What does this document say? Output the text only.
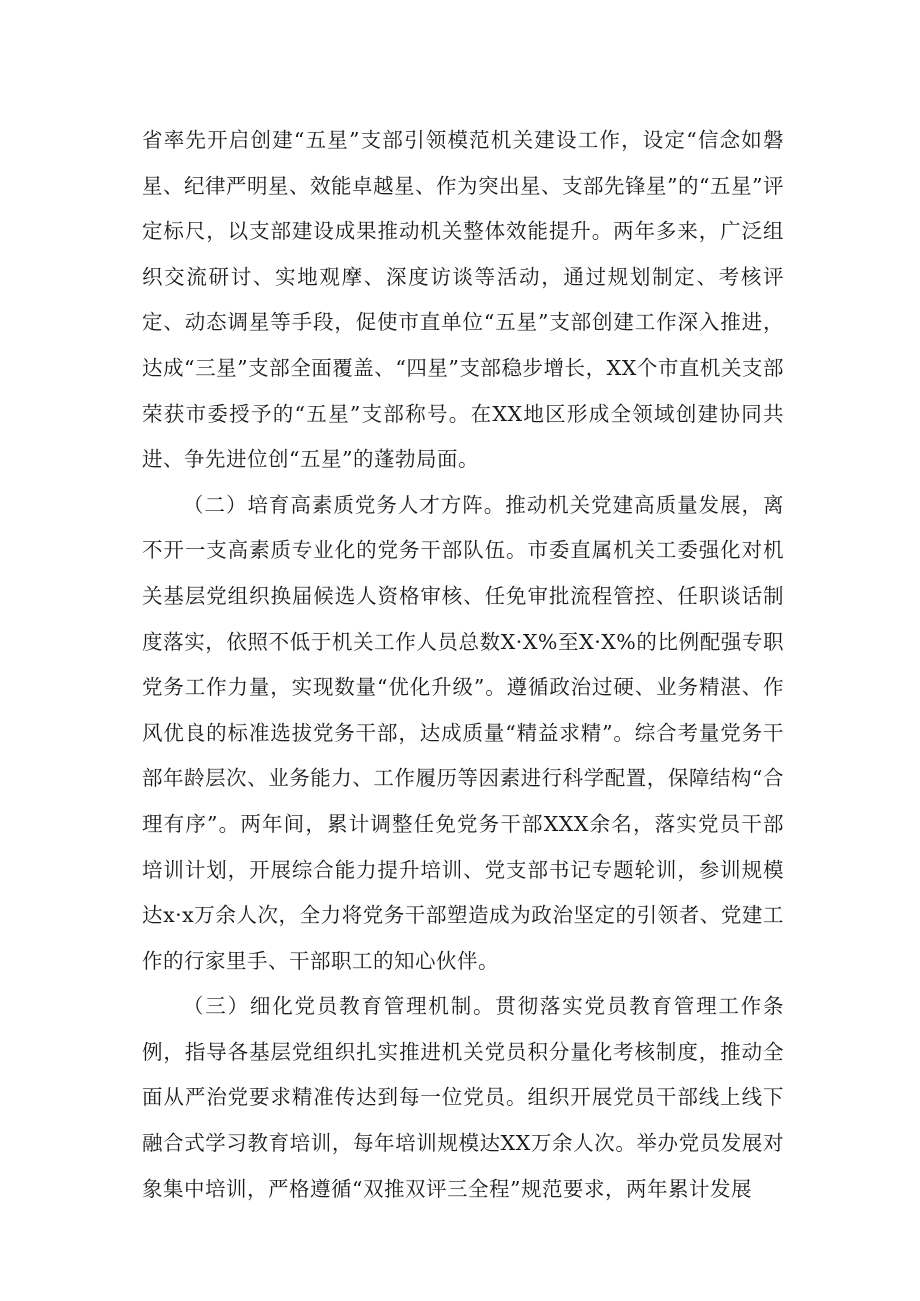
省率先开启创建“五星”支部引领模范机关建设工作，设定“信念如磐星、纪律严明星、效能卓越星、作为突出星、支部先锋星”的“五星”评定标尺，以支部建设成果推动机关整体效能提升。两年多来，广泛组织交流研讨、实地观摩、深度访谈等活动，通过规划制定、考核评定、动态调星等手段，促使市直单位“五星”支部创建工作深入推进，达成“三星”支部全面覆盖、“四星”支部稳步增长，XX个市直机关支部荣获市委授予的“五星”支部称号。在XX地区形成全领域创建协同共进、争先进位创“五星”的蓬勃局面。

（二）培育高素质党务人才方阵。推动机关党建高质量发展，离不开一支高素质专业化的党务干部队伍。市委直属机关工委强化对机关基层党组织换届候选人资格审核、任免审批流程管控、任职谈话制度落实，依照不低于机关工作人员总数X·X%至X·X%的比例配强专职党务工作力量，实现数量“优化升级”。遵循政治过硬、业务精湛、作风优良的标准选拔党务干部，达成质量“精益求精”。综合考量党务干部年龄层次、业务能力、工作履历等因素进行科学配置，保障结构“合理有序”。两年间，累计调整任免党务干部XXX余名，落实党员干部培训计划，开展综合能力提升培训、党支部书记专题轮训，参训规模达x·x万余人次，全力将党务干部塑造成为政治坚定的引领者、党建工作的行家里手、干部职工的知心伙伴。

（三）细化党员教育管理机制。贯彻落实党员教育管理工作条例，指导各基层党组织扎实推进机关党员积分量化考核制度，推动全面从严治党要求精准传达到每一位党员。组织开展党员干部线上线下融合式学习教育培训，每年培训规模达XX万余人次。举办党员发展对象集中培训，严格遵循“双推双评三全程”规范要求，两年累计发展
